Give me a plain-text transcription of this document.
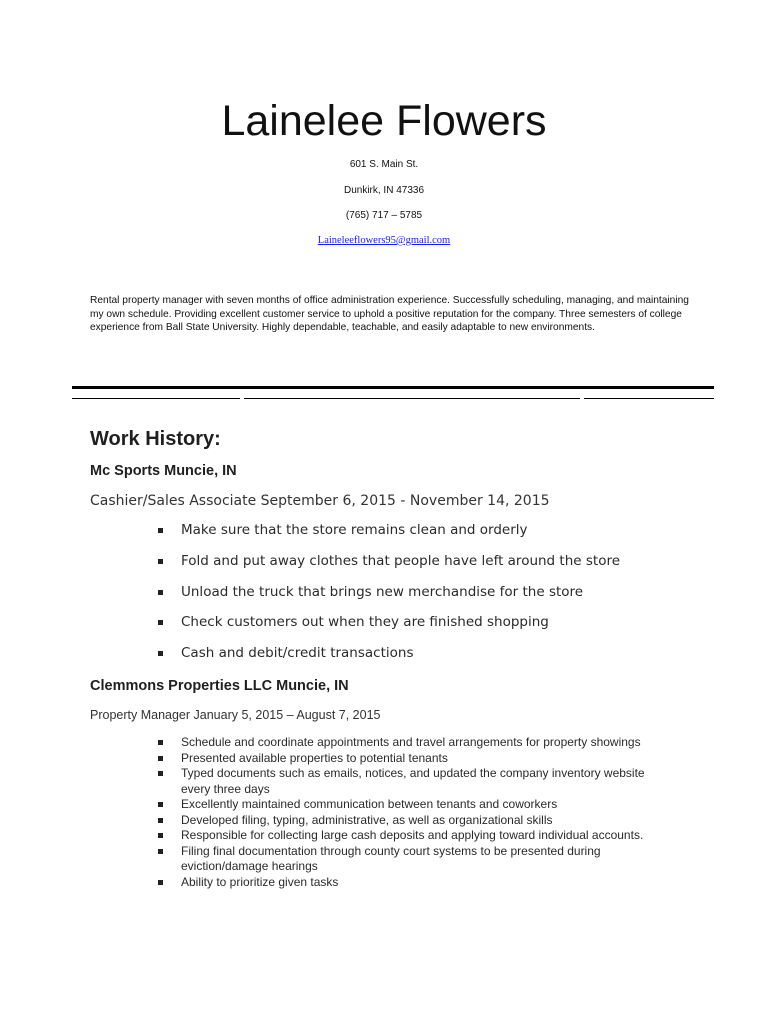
Lainelee Flowers
601 S. Main St.
Dunkirk, IN 47336
(765) 717 – 5785
Laineleeflowers95@gmail.com

Rental property manager with seven months of office administration experience. Successfully scheduling, managing, and maintaining my own schedule. Providing excellent customer service to uphold a positive reputation for the company. Three semesters of college experience from Ball State University. Highly dependable, teachable, and easily adaptable to new environments.

Work History:
Mc Sports Muncie, IN
Cashier/Sales Associate September 6, 2015 - November 14, 2015
Make sure that the store remains clean and orderly
Fold and put away clothes that people have left around the store
Unload the truck that brings new merchandise for the store
Check customers out when they are finished shopping
Cash and debit/credit transactions
Clemmons Properties LLC Muncie, IN
Property Manager January 5, 2015 – August 7, 2015
Schedule and coordinate appointments and travel arrangements for property showings
Presented available properties to potential tenants
Typed documents such as emails, notices, and updated the company inventory website every three days
Excellently maintained communication between tenants and coworkers
Developed filing, typing, administrative, as well as organizational skills
Responsible for collecting large cash deposits and applying toward individual accounts.
Filing final documentation through county court systems to be presented during eviction/damage hearings
Ability to prioritize given tasks
